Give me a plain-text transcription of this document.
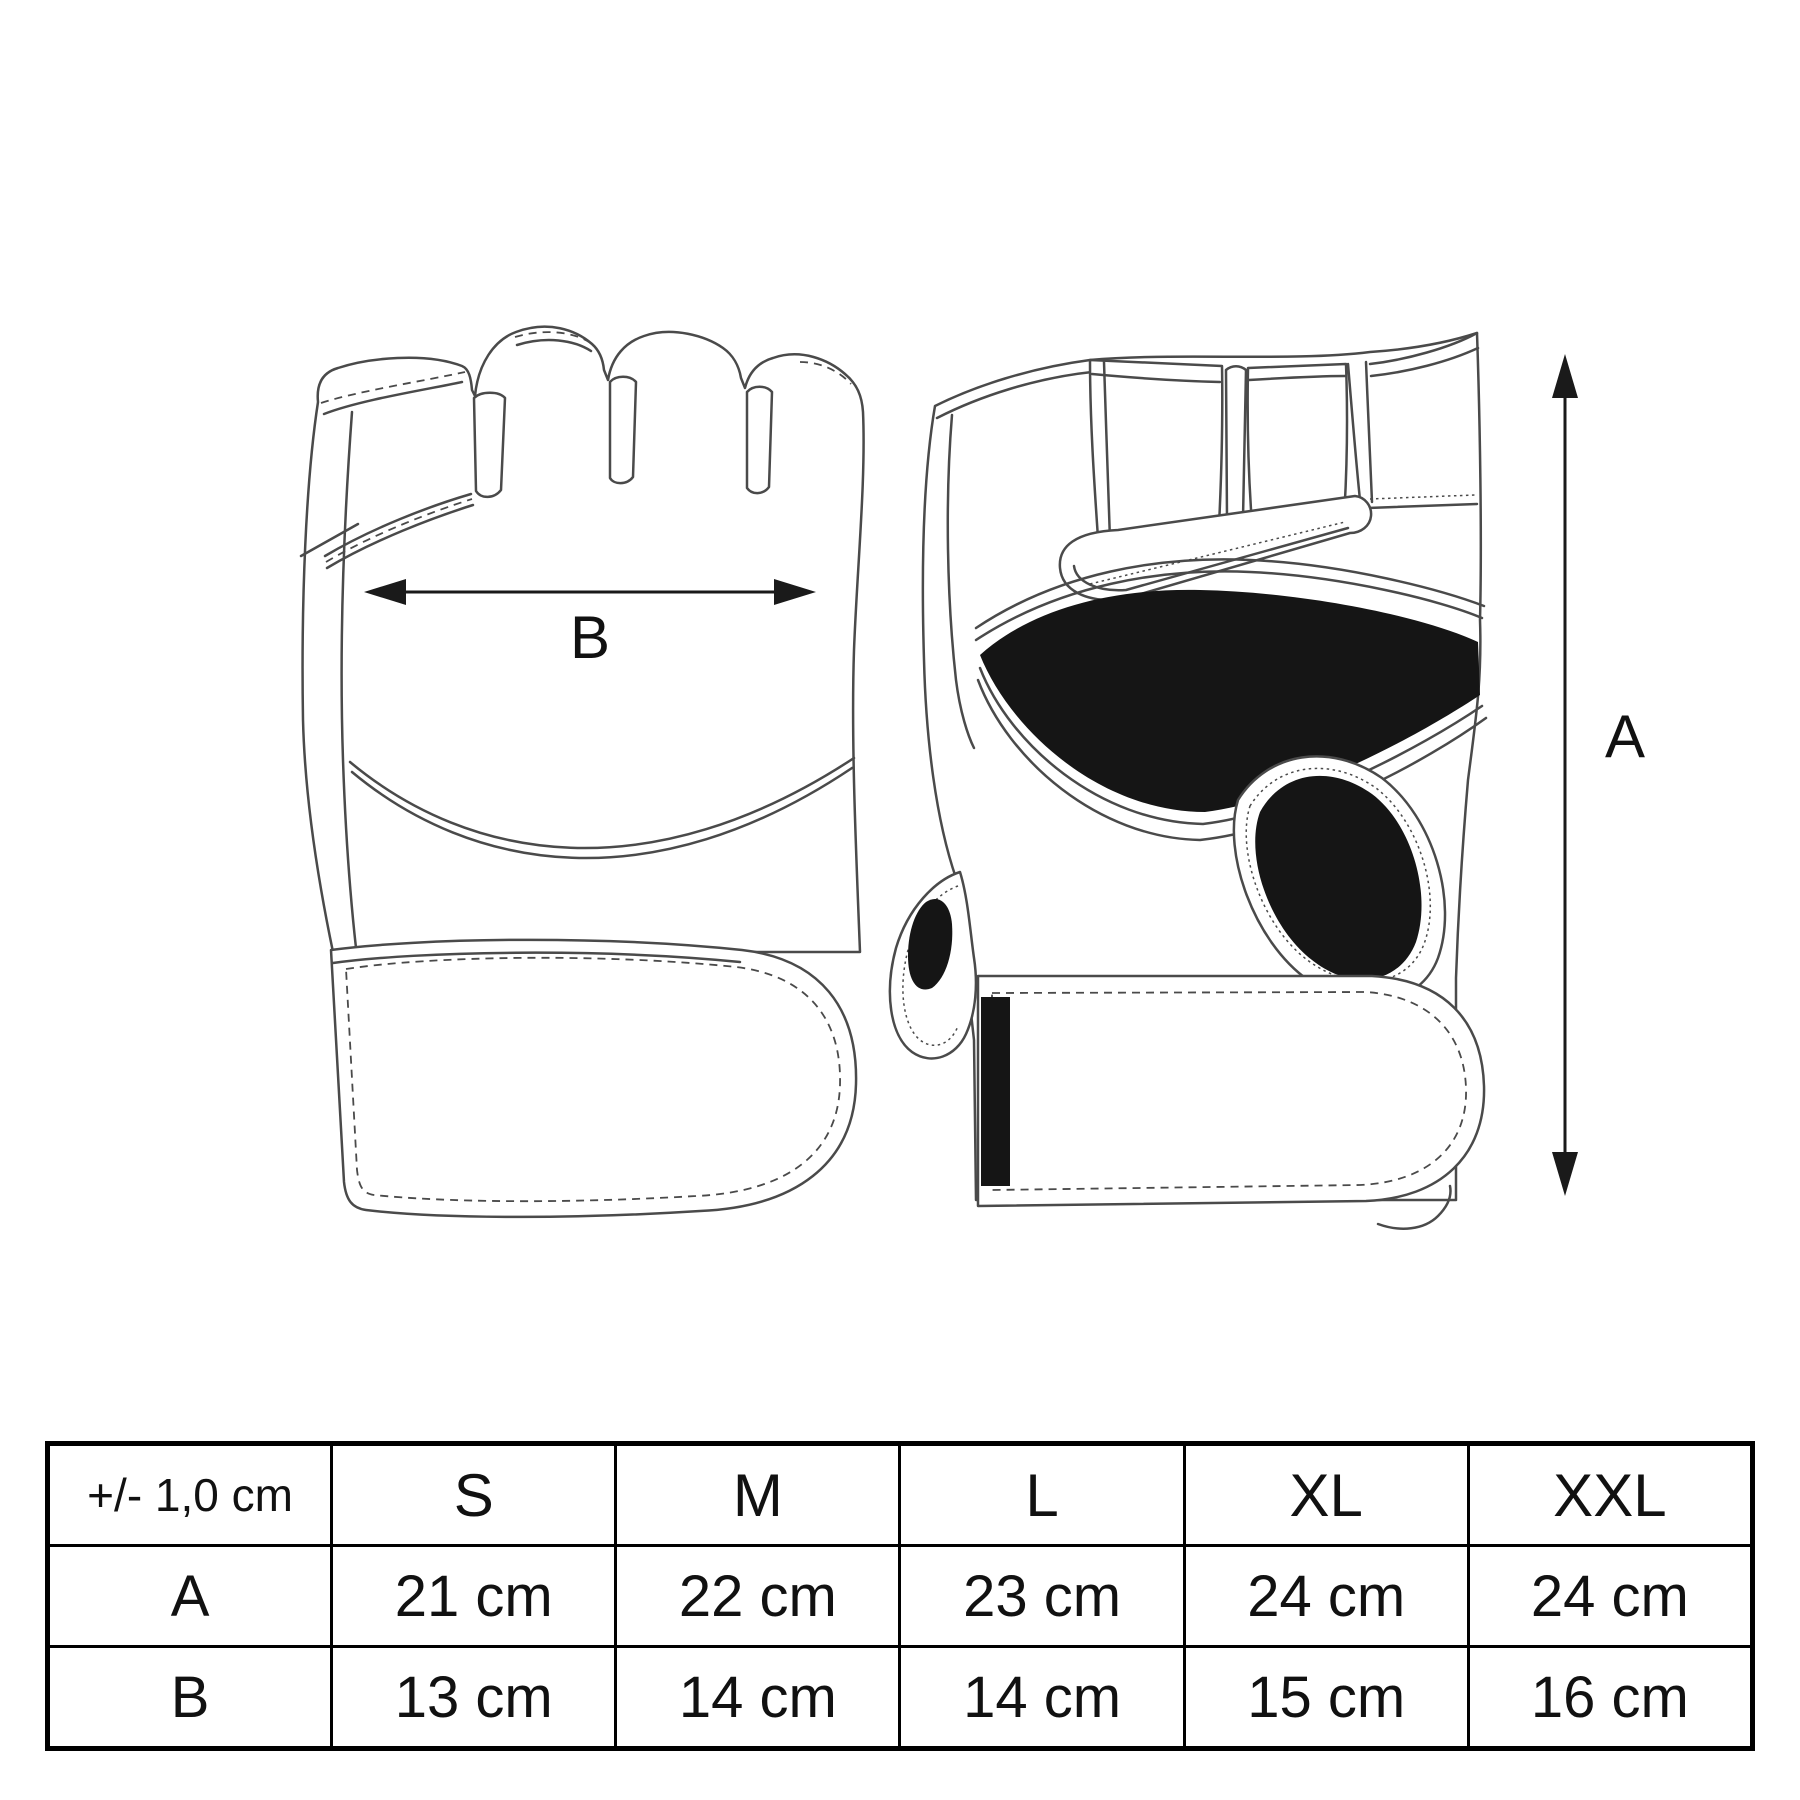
B
A
+/- 1,0 cm	S	M	L	XL	XXL
A	21 cm	22 cm	23 cm	24 cm	24 cm
B	13 cm	14 cm	14 cm	15 cm	16 cm
